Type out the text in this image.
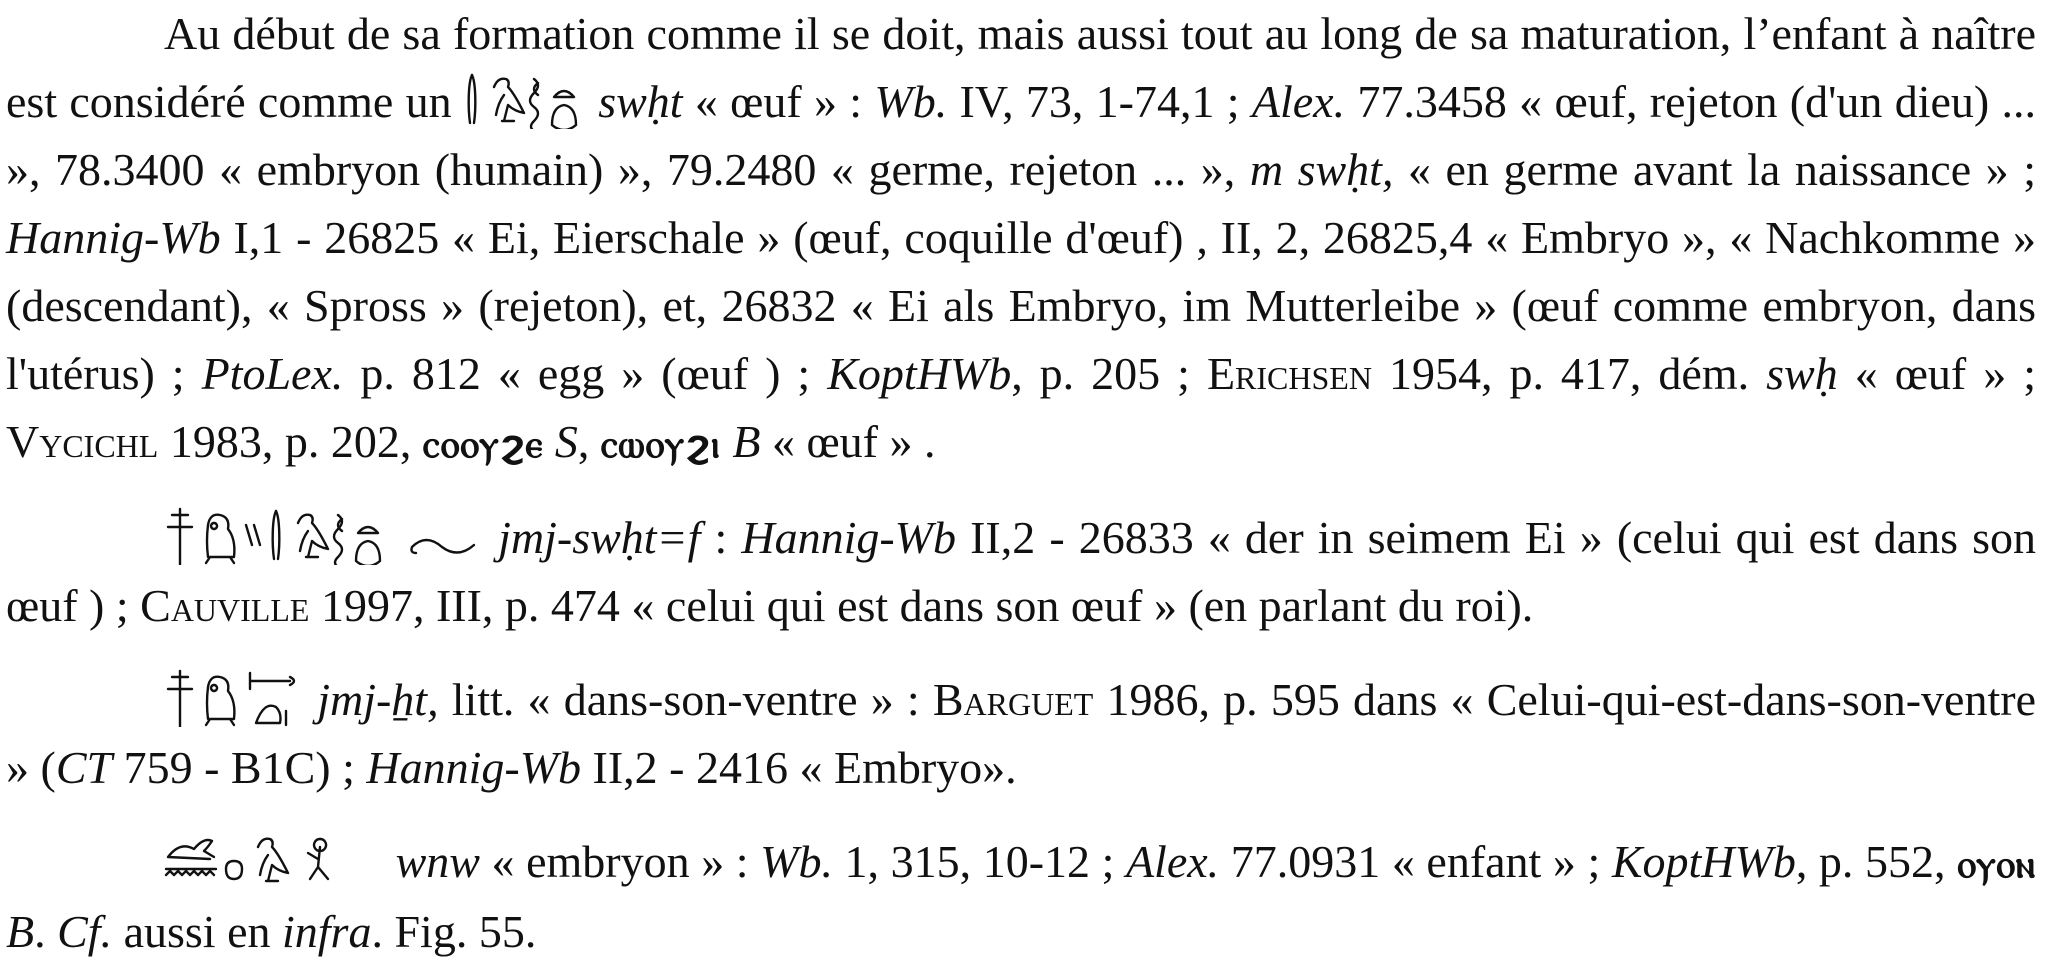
Au début de sa formation comme il se doit, mais aussi tout au long de sa maturation, l’enfant à naître est considéré comme un	swḥt « œuf » : Wb. IV, 73, 1-74,1 ; Alex. 77.3458 « œuf, rejeton (d'un dieu) ... », 78.3400 « embryon (humain) », 79.2480 « germe, rejeton ... », m swḥt, « en germe avant la naissance » ; Hannig-Wb I,1 - 26825 « Ei, Eierschale » (œuf, coquille d'œuf) , II, 2, 26825,4 « Embryo », « Nachkomme » (descendant), « Spross » (rejeton), et, 26832 « Ei als Embryo, im Mutterleibe » (œuf comme embryon, dans l'utérus) ; PtoLex. p. 812 « egg » (œuf ) ; KoptHWb, p. 205 ; Erichsen 1954, p. 417, dém. swḥ « œuf » ; Vycichl 1983, p. 202, ⲥⲟⲟⲩϩⲉ S, ⲥⲱⲟⲩϩⲓ B « œuf » .

jmj-swḥt=f : Hannig-Wb II,2 - 26833 « der in seimem Ei » (celui qui est dans son œuf ) ; Cauville 1997, III, p. 474 « celui qui est dans son œuf » (en parlant du roi).

jmj-ẖt, litt. « dans-son-ventre » : Barguet 1986, p. 595 dans « Celui-qui-est-dans-son-ventre » (CT 759 - B1C) ; Hannig-Wb II,2 - 2416 « Embryo».

wnw « embryon » : Wb. 1, 315, 10-12 ; Alex. 77.0931 « enfant » ; KoptHWb, p. 552, ⲟⲩⲟⲛ B. Cf. aussi en infra. Fig. 55.
